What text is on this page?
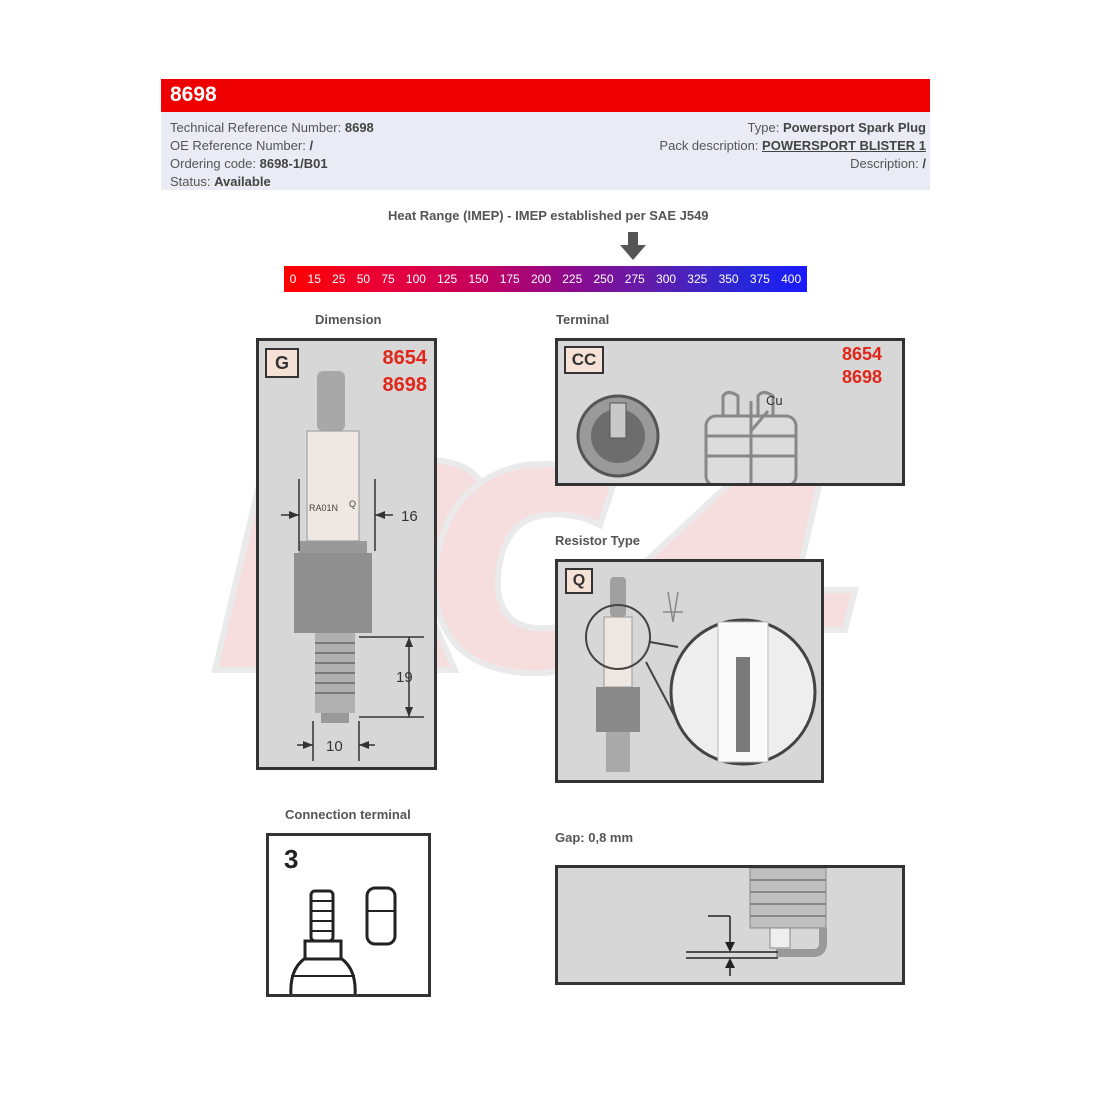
8698
Technical Reference Number: 8698
OE Reference Number: /
Ordering code: 8698-1/B01
Status: Available
Type: Powersport Spark Plug
Pack description: POWERSPORT BLISTER 1
Description: /
Heat Range (IMEP) - IMEP established per SAE J549
0 15 25 50 75 100 125 150 175 200 225 250 275 300 325 350 375 400
Dimension	Terminal
Resistor Type
Connection terminal
Gap: 0,8 mm
G	8654
8698
RA01N Q
16
19
10
CC	8654
8698
Cu
Q
3
